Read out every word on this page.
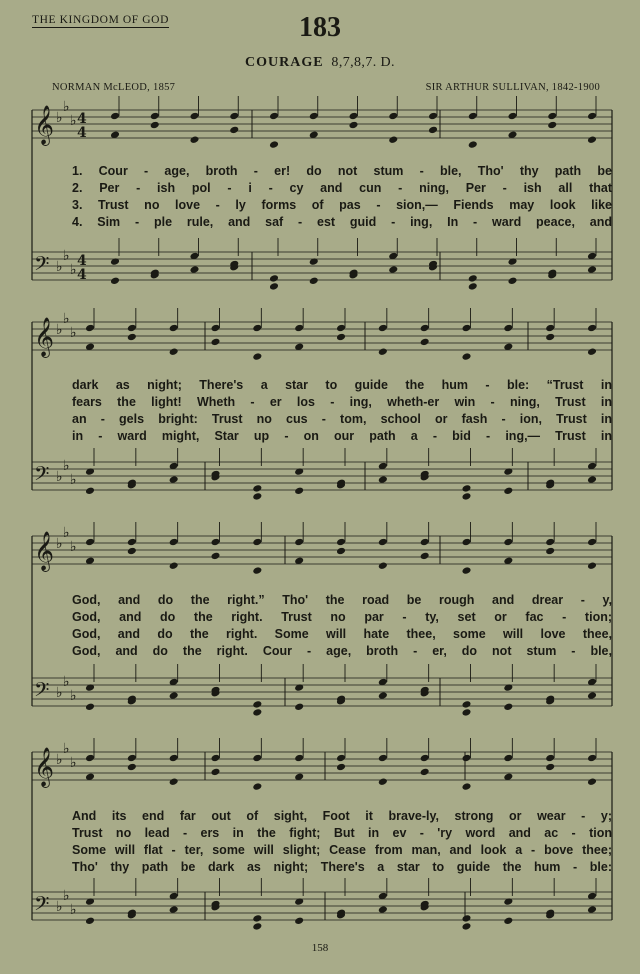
THE KINGDOM OF GOD	183
COURAGE 8,7,8,7. D.
NORMAN McLEOD, 1857	SIR ARTHUR SULLIVAN, 1842-1900
1. Cour - age, broth - er! do not stum - ble, Tho' thy path be
2. Per - ish pol - i - cy and cun - ning, Per - ish all that
3. Trust no love - ly forms of pas - sion,— Fiends may look like
4. Sim - ple rule, and saf - est guid - ing, In - ward peace, and
dark as night; There's a star to guide the hum - ble: “Trust in
fears the light! Wheth - er los - ing, wheth-er win - ning, Trust in
an - gels bright: Trust no cus - tom, school or fash - ion, Trust in
in - ward might, Star up - on our path a - bid - ing,— Trust in
God, and do the right.” Tho' the road be rough and drear - y,
God, and do the right. Trust no par - ty, set or fac - tion;
God, and do the right. Some will hate thee, some will love thee,
God, and do the right. Cour - age, broth - er, do not stum - ble,
And its end far out of sight, Foot it brave-ly, strong or wear - y;
Trust no lead - ers in the fight; But in ev - 'ry word and ac - tion
Some will flat - ter, some will slight; Cease from man, and look a - bove thee;
Tho' thy path be dark as night; There's a star to guide the hum - ble:
158
𝄞 ♭
♭
♭ 4
4
𝄢 ♭
♭
♭
4
4
𝄞 ♭
♭
♭
𝄢 ♭
♭
♭
𝄞 ♭
♭
♭
𝄢 ♭
♭
♭
𝄞 ♭
♭
♭
𝄢 ♭
♭
♭
